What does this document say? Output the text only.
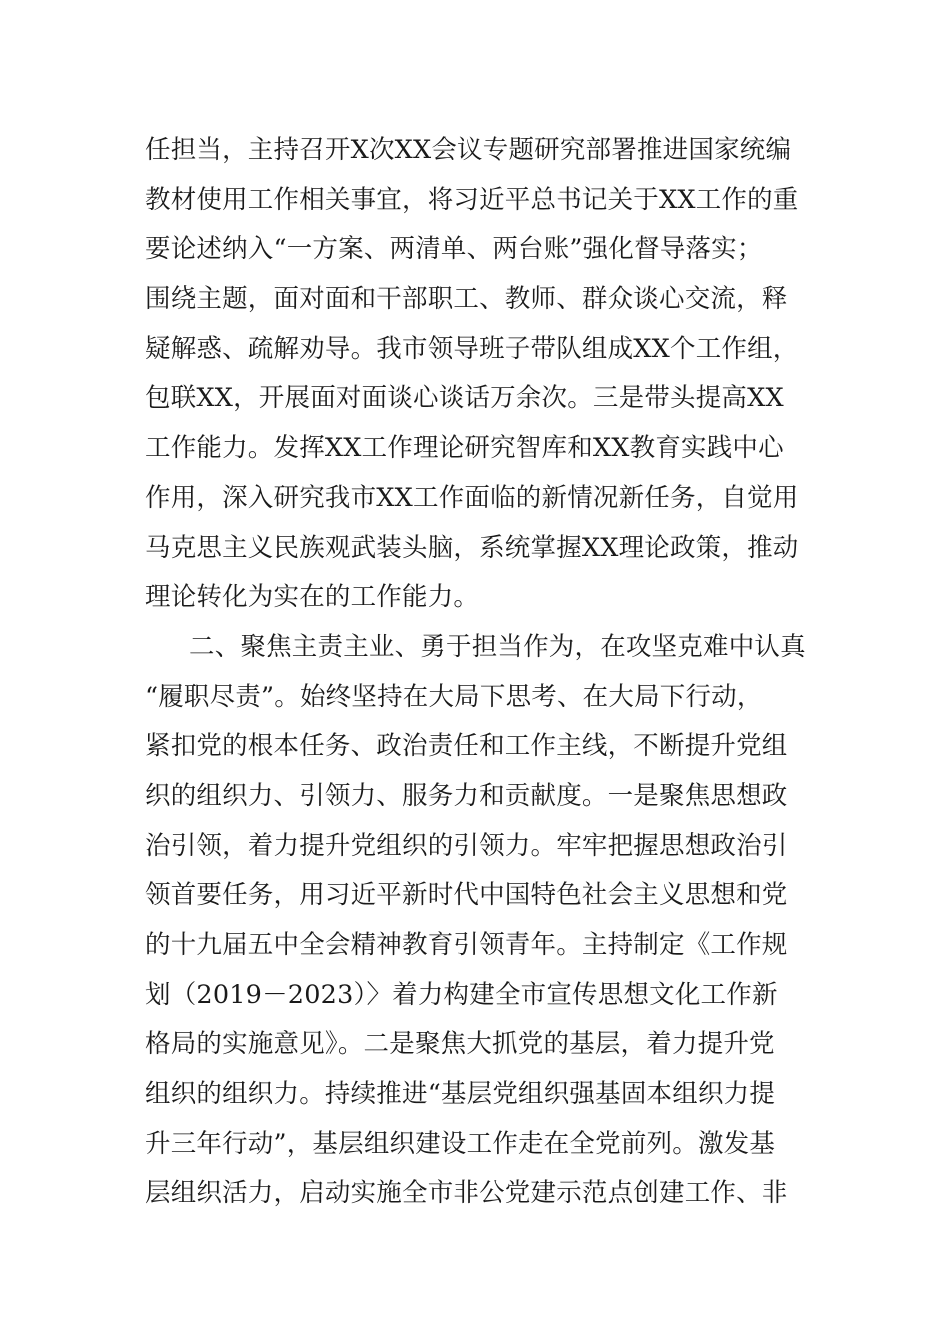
任担当，主持召开X次XX会议专题研究部署推进国家统编
教材使用工作相关事宜，将习近平总书记关于XX工作的重
要论述纳入“一方案、两清单、两台账”强化督导落实；
围绕主题，面对面和干部职工、教师、群众谈心交流，释
疑解惑、疏解劝导。我市领导班子带队组成XX个工作组，
包联XX，开展面对面谈心谈话万余次。三是带头提高XX
工作能力。发挥XX工作理论研究智库和XX教育实践中心
作用，深入研究我市XX工作面临的新情况新任务，自觉用
马克思主义民族观武装头脑，系统掌握XX理论政策，推动
理论转化为实在的工作能力。
二、聚焦主责主业、勇于担当作为，在攻坚克难中认真
“履职尽责”。始终坚持在大局下思考、在大局下行动，
紧扣党的根本任务、政治责任和工作主线，不断提升党组
织的组织力、引领力、服务力和贡献度。一是聚焦思想政
治引领，着力提升党组织的引领力。牢牢把握思想政治引
领首要任务，用习近平新时代中国特色社会主义思想和党
的十九届五中全会精神教育引领青年。主持制定《工作规
划（2019－2023）〉着力构建全市宣传思想文化工作新
格局的实施意见》。二是聚焦大抓党的基层，着力提升党
组织的组织力。持续推进“基层党组织强基固本组织力提
升三年行动”，基层组织建设工作走在全党前列。激发基
层组织活力，启动实施全市非公党建示范点创建工作、非
